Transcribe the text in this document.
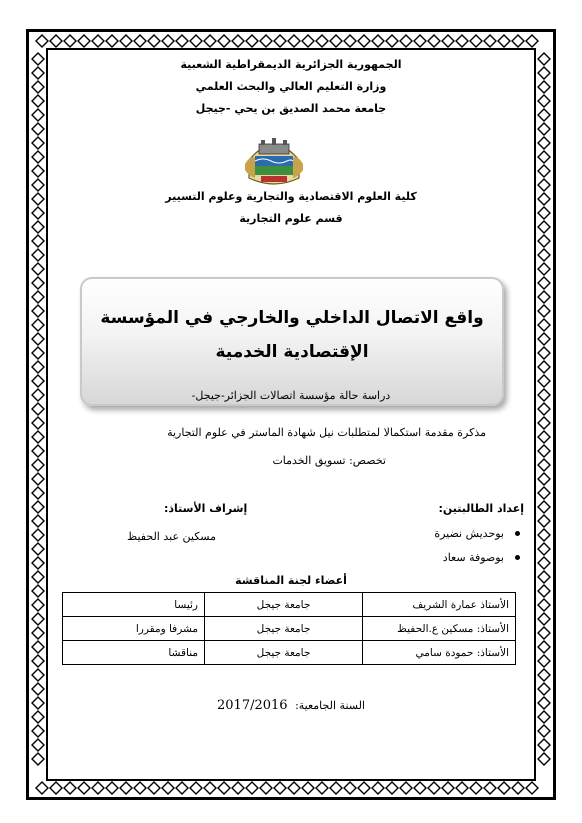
الجمهورية الجزائرية الديمقراطية الشعبية
وزارة التعليم العالي والبحث العلمي
جامعة محمد الصديق بن يحي -جيجل
كلية العلوم الاقتصادية والتجارية وعلوم التسيير
قسم علوم التجارية
واقع الاتصال الداخلي والخارجي في المؤسسة الإقتصادية الخدمية
دراسة حالة مؤسسة اتصالات الجزائر-جيجل-
مذكرة مقدمة استكمالا لمتطلبات نيل شهادة الماستر في علوم التجارية
تخصص: تسويق الخدمات
إعداد الطالبتين:
بوحديش نضيرة
بوصوفة سعاد
إشراف الأستاذ:
مسكين عبد الحفيظ
أعضاء لجنة المناقشة
الأستاذ عمارة الشريف	جامعة جيجل	رئيسا
الأستاذ: مسكين ع.الحفيظ	جامعة جيجل	مشرفا ومقررا
الأستاذ: حمودة سامي	جامعة جيجل	مناقشا
السنة الجامعية: 2017/2016
